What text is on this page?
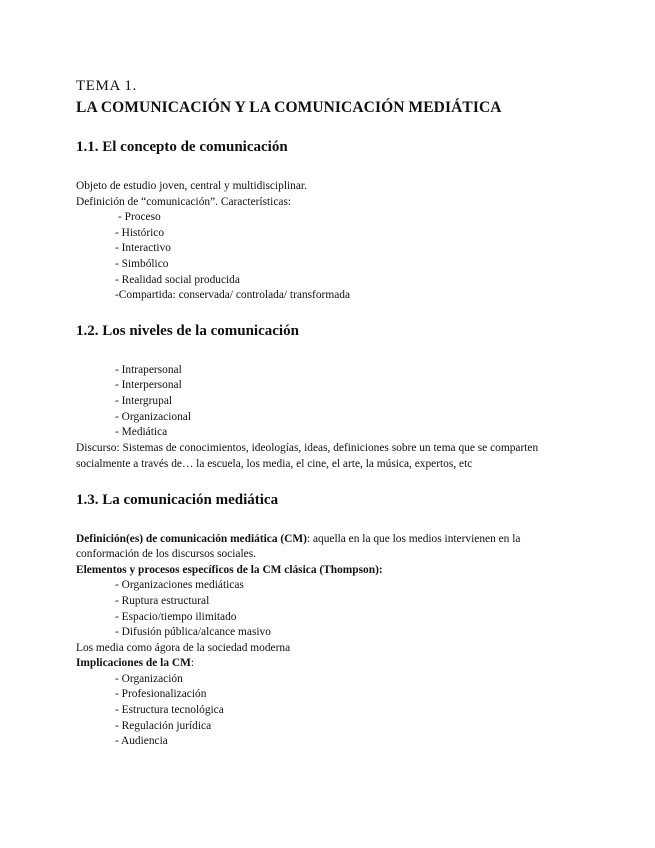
TEMA 1.
LA COMUNICACIÓN Y LA COMUNICACIÓN MEDIÁTICA
1.1. El concepto de comunicación
Objeto de estudio joven, central y multidisciplinar.
Definición de “comunicación”. Características:
- Proceso
- Histórico
- Interactivo
- Simbólico
- Realidad social producida
-Compartida: conservada/ controlada/ transformada
1.2. Los niveles de la comunicación
- Intrapersonal
- Interpersonal
- Intergrupal
- Organizacional
- Mediática
Discurso: Sistemas de conocimientos, ideologías, ideas, definiciones sobre un tema que se comparten
socialmente a través de… la escuela, los media, el cine, el arte, la música, expertos, etc
1.3. La comunicación mediática
Definición(es) de comunicación mediática (CM): aquella en la que los medios intervienen en la
conformación de los discursos sociales.
Elementos y procesos específicos de la CM clásica (Thompson):
- Organizaciones mediáticas
- Ruptura estructural
- Espacio/tiempo ilimitado
- Difusión pública/alcance masivo
Los media como ágora de la sociedad moderna
Implicaciones de la CM:
- Organización
- Profesionalización
- Estructura tecnológica
- Regulación jurídica
- Audiencia
